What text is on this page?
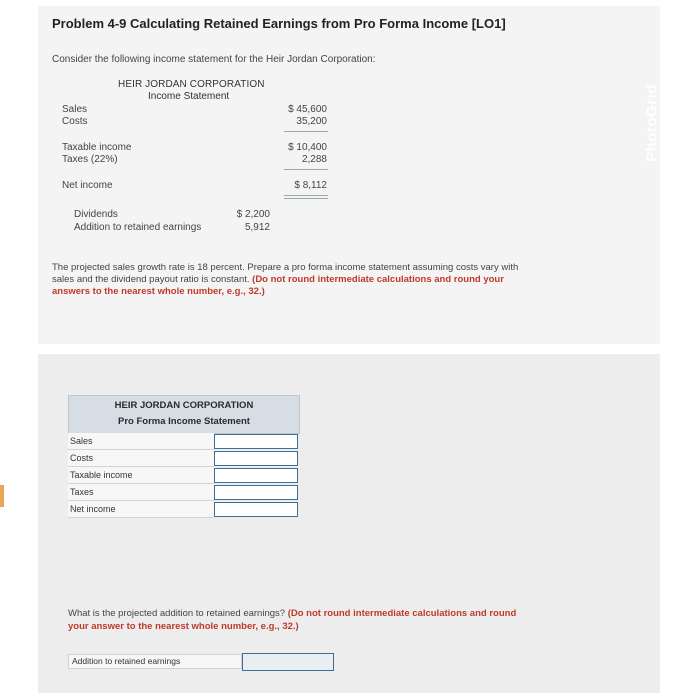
Problem 4-9 Calculating Retained Earnings from Pro Forma Income [LO1]
Consider the following income statement for the Heir Jordan Corporation:
HEIR JORDAN CORPORATION
Income Statement
Sales	$ 45,600
Costs	35,200
Taxable income	$ 10,400
Taxes (22%)	2,288
Net income	$ 8,112
Dividends	$ 2,200
Addition to retained earnings	5,912
The projected sales growth rate is 18 percent. Prepare a pro forma income statement assuming costs vary with sales and the dividend payout ratio is constant. (Do not round intermediate calculations and round your answers to the nearest whole number, e.g., 32.)
PhotoGrid
HEIR JORDAN CORPORATION
Pro Forma Income Statement
Sales
Costs
Taxable income
Taxes
Net income
What is the projected addition to retained earnings? (Do not round intermediate calculations and round your answer to the nearest whole number, e.g., 32.)
Addition to retained earnings
